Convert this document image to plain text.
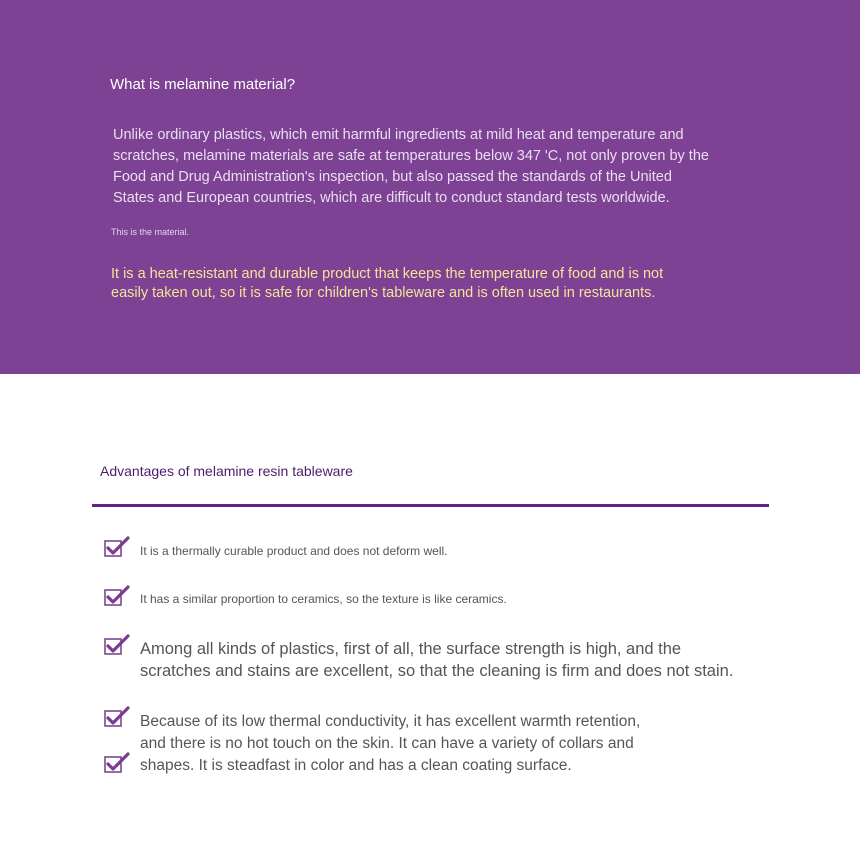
What is melamine material?
Unlike ordinary plastics, which emit harmful ingredients at mild heat and temperature and
scratches, melamine materials are safe at temperatures below 347 'C, not only proven by the
Food and Drug Administration's inspection, but also passed the standards of the United
States and European countries, which are difficult to conduct standard tests worldwide.
This is the material.
It is a heat-resistant and durable product that keeps the temperature of food and is not
easily taken out, so it is safe for children's tableware and is often used in restaurants.
Advantages of melamine resin tableware
It is a thermally curable product and does not deform well.
It has a similar proportion to ceramics, so the texture is like ceramics.
Among all kinds of plastics, first of all, the surface strength is high, and the
scratches and stains are excellent, so that the cleaning is firm and does not stain.
Because of its low thermal conductivity, it has excellent warmth retention,
and there is no hot touch on the skin. It can have a variety of collars and
shapes. It is steadfast in color and has a clean coating surface.
